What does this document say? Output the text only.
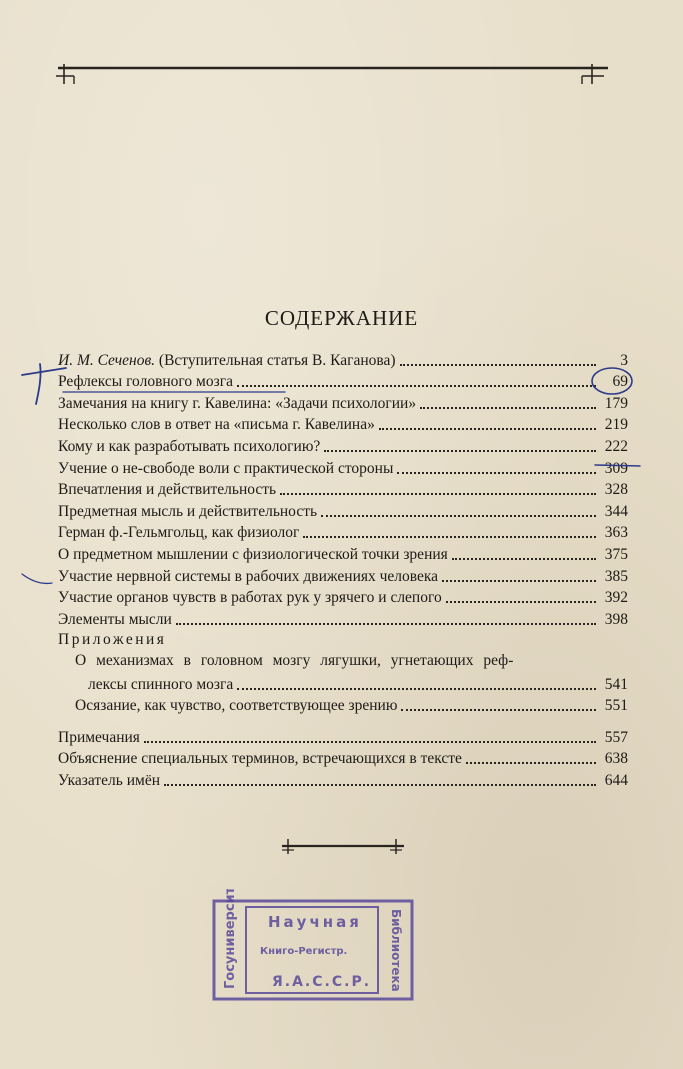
СОДЕРЖАНИЕ
И. М. Сеченов. (Вступительная статья В. Каганова)	3
Рефлексы головного мозга	69
Замечания на книгу г. Кавелина: «Задачи психологии»	179
Несколько слов в ответ на «письма г. Кавелина»	219
Кому и как разработывать психологию?	222
Учение о не-свободе воли с практической стороны	309
Впечатления и действительность	328
Предметная мысль и действительность	344
Герман ф.-Гельмгольц, как физиолог	363
О предметном мышлении с физиологической точки зрения	375
Участие нервной системы в рабочих движениях человека	385
Участие органов чувств в работах рук у зрячего и слепого	392
Элементы мысли	398
Приложения
О механизмах в головном мозгу лягушки, угнетающих реф-
лексы спинного мозга	541
Осязание, как чувство, соответствующее зрению	551
Примечания	557
Объяснение специальных терминов, встречающихся в тексте	638
Указатель имён	644
Госуниверсит. Научная
Книго-Регистр.
Я.А.С.С.Р. Библиотека
